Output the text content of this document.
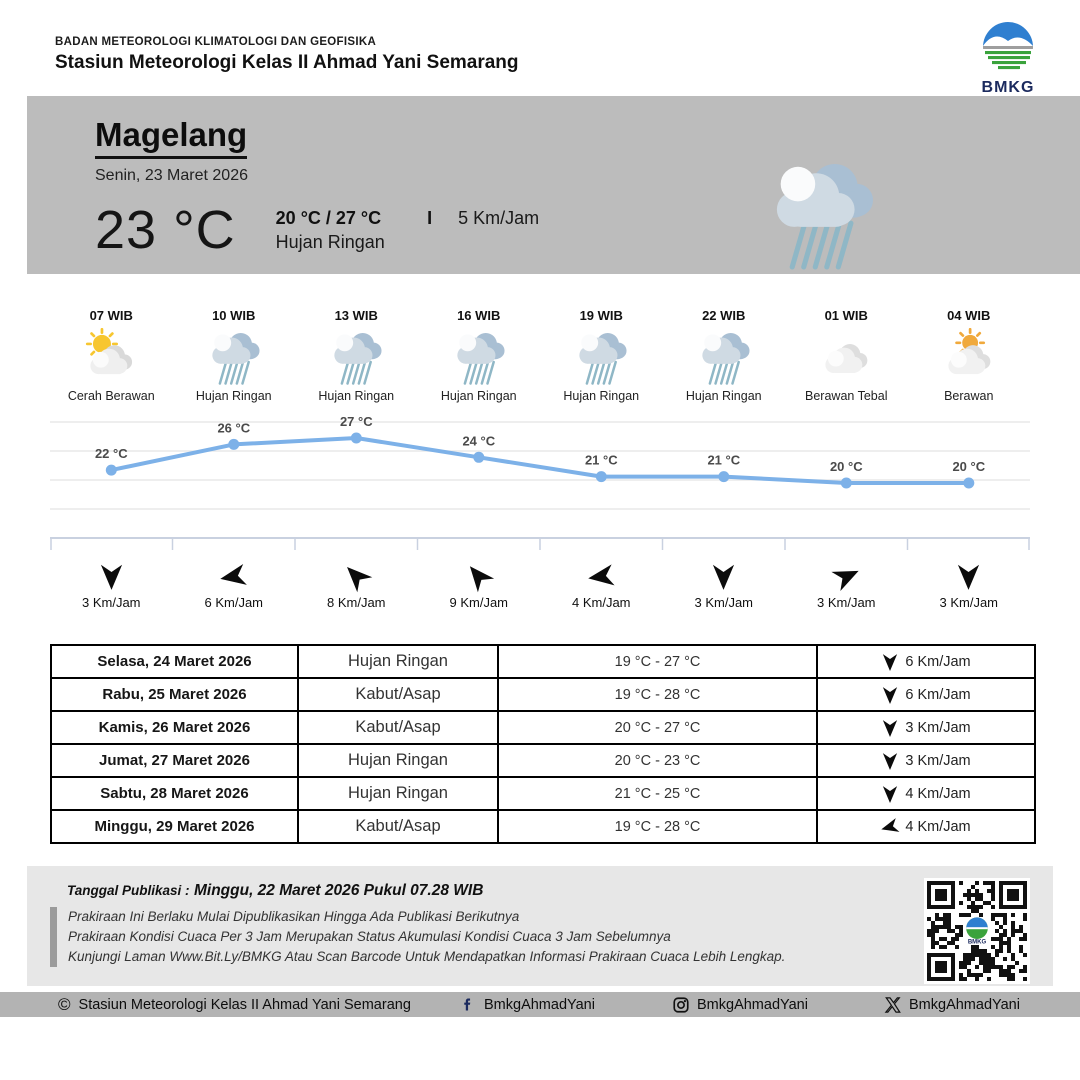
BADAN METEOROLOGI KLIMATOLOGI DAN GEOFISIKA
Stasiun Meteorologi Kelas II Ahmad Yani Semarang
BMKG
Magelang
Senin, 23 Maret 2026
23 °C 20 °C / 27 °C	I 5 Km/Jam
Hujan Ringan
07 WIB
Cerah Berawan
10 WIB
Hujan Ringan
13 WIB
Hujan Ringan
16 WIB
Hujan Ringan
19 WIB
Hujan Ringan
22 WIB
Hujan Ringan
01 WIB
Berawan Tebal
04 WIB
Berawan
22 °C
26 °C	27 °C
24 °C
21 °C	21 °C	20 °C	20 °C
3 Km/Jam	6 Km/Jam	8 Km/Jam	9 Km/Jam	4 Km/Jam	3 Km/Jam	3 Km/Jam	3 Km/Jam
Selasa, 24 Maret 2026	Hujan Ringan	19 °C - 27 °C	6 Km/Jam
Rabu, 25 Maret 2026	Kabut/Asap	19 °C - 28 °C	6 Km/Jam
Kamis, 26 Maret 2026	Kabut/Asap	20 °C - 27 °C	3 Km/Jam
Jumat, 27 Maret 2026	Hujan Ringan	20 °C - 23 °C	3 Km/Jam
Sabtu, 28 Maret 2026	Hujan Ringan	21 °C - 25 °C	4 Km/Jam
Minggu, 29 Maret 2026	Kabut/Asap	19 °C - 28 °C	4 Km/Jam
Tanggal Publikasi : Minggu, 22 Maret 2026 Pukul 07.28 WIB
Prakiraan Ini Berlaku Mulai Dipublikasikan Hingga Ada Publikasi Berikutnya
Prakiraan Kondisi Cuaca Per 3 Jam Merupakan Status Akumulasi Kondisi Cuaca 3 Jam Sebelumnya
Kunjungi Laman Www.Bit.Ly/BMKG Atau Scan Barcode Untuk Mendapatkan Informasi Prakiraan Cuaca Lebih Lengkap.
BMKG
© Stasiun Meteorologi Kelas II Ahmad Yani Semarang	BmkgAhmadYani	BmkgAhmadYani	BmkgAhmadYani
